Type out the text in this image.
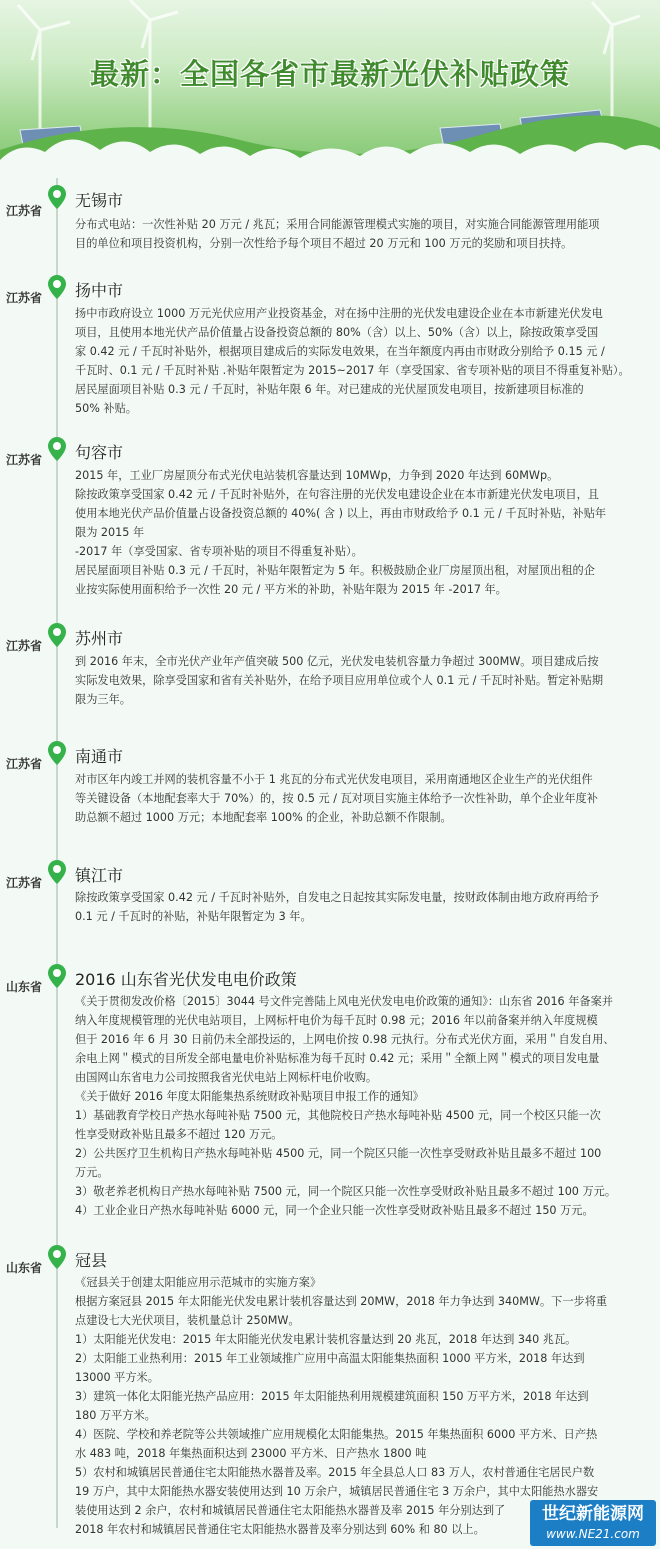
最新：全国各省市最新光伏补贴政策
江苏省
无锡市

分布式电站：一次性补贴 20 万元 / 兆瓦；采用合同能源管理模式实施的项目，对实施合同能源管理用能项

目的单位和项目投资机构，分别一次性给予每个项目不超过 20 万元和 100 万元的奖励和项目扶持。

江苏省 扬中市

扬中市政府设立 1000 万元光伏应用产业投资基金，对在扬中注册的光伏发电建设企业在本市新建光伏发电

项目，且使用本地光伏产品价值量占设备投资总额的 80%（含）以上、50%（含）以上，除按政策享受国

家 0.42 元 / 千瓦时补贴外，根据项目建成后的实际发电效果，在当年额度内再由市财政分别给予 0.15 元 /

千瓦时、0.1 元 / 千瓦时补贴 .补贴年限暂定为 2015~2017 年（享受国家、省专项补贴的项目不得重复补贴）。

居民屋面项目补贴 0.3 元 / 千瓦时，补贴年限 6 年。对已建成的光伏屋顶发电项目，按新建项目标准的

50% 补贴。

江苏省 句容市

2015 年，工业厂房屋顶分布式光伏电站装机容量达到 10MWp，力争到 2020 年达到 60MWp。

除按政策享受国家 0.42 元 / 千瓦时补贴外，在句容注册的光伏发电建设企业在本市新建光伏发电项目，且

使用本地光伏产品价值量占设备投资总额的 40%( 含 ) 以上，再由市财政给予 0.1 元 / 千瓦时补贴，补贴年

限为 2015 年

-2017 年（享受国家、省专项补贴的项目不得重复补贴）。

居民屋面项目补贴 0.3 元 / 千瓦时，补贴年限暂定为 5 年。积极鼓励企业厂房屋顶出租，对屋顶出租的企

业按实际使用面积给予一次性 20 元 / 平方米的补助，补贴年限为 2015 年 -2017 年。

江苏省 苏州市

到 2016 年末，全市光伏产业年产值突破 500 亿元，光伏发电装机容量力争超过 300MW。项目建成后按

实际发电效果，除享受国家和省有关补贴外，在给予项目应用单位或个人 0.1 元 / 千瓦时补贴。暂定补贴期

限为三年。

江苏省 南通市

对市区年内竣工并网的装机容量不小于 1 兆瓦的分布式光伏发电项目，采用南通地区企业生产的光伏组件

等关键设备（本地配套率大于 70%）的，按 0.5 元 / 瓦对项目实施主体给予一次性补助，单个企业年度补

助总额不超过 1000 万元；本地配套率 100% 的企业，补助总额不作限制。

江苏省 镇江市

除按政策享受国家 0.42 元 / 千瓦时补贴外，自发电之日起按其实际发电量，按财政体制由地方政府再给予

0.1 元 / 千瓦时的补贴，补贴年限暂定为 3 年。

山东省 2016 山东省光伏发电电价政策

《关于贯彻发改价格〔2015〕3044 号文件完善陆上风电光伏发电电价政策的通知》：山东省 2016 年备案并

纳入年度规模管理的光伏电站项目，上网标杆电价为每千瓦时 0.98 元；2016 年以前备案并纳入年度规模

但于 2016 年 6 月 30 日前仍未全部投运的，上网电价按 0.98 元执行。分布式光伏方面，采用＂自发自用、

余电上网＂模式的目所发全部电量电价补贴标准为每千瓦时 0.42 元；采用＂全额上网＂模式的项目发电量

由国网山东省电力公司按照我省光伏电站上网标杆电价收购。

《关于做好 2016 年度太阳能集热系统财政补贴项目申报工作的通知》

1）基础教育学校日产热水每吨补贴 7500 元，其他院校日产热水每吨补贴 4500 元，同一个校区只能一次

性享受财政补贴且最多不超过 120 万元。

2）公共医疗卫生机构日产热水每吨补贴 4500 元，同一个院区只能一次性享受财政补贴且最多不超过 100

万元。

3）敬老养老机构日产热水每吨补贴 7500 元，同一个院区只能一次性享受财政补贴且最多不超过 100 万元。

4）工业企业日产热水每吨补贴 6000 元，同一个企业只能一次性享受财政补贴且最多不超过 150 万元。

山东省 冠县

《冠县关于创建太阳能应用示范城市的实施方案》

根据方案冠县 2015 年太阳能光伏发电累计装机容量达到 20MW，2018 年力争达到 340MW。下一步将重

点建设七大光伏项目，装机量总计 250MW。

1）太阳能光伏发电：2015 年太阳能光伏发电累计装机容量达到 20 兆瓦，2018 年达到 340 兆瓦。

2）太阳能工业热利用：2015 年工业领域推广应用中高温太阳能集热面积 1000 平方米，2018 年达到

13000 平方米。

3）建筑一体化太阳能光热产品应用：2015 年太阳能热利用规模建筑面积 150 万平方米，2018 年达到

180 万平方米。

4）医院、学校和养老院等公共领域推广应用规模化太阳能集热。2015 年集热面积 6000 平方米、日产热

水 483 吨，2018 年集热面积达到 23000 平方米、日产热水 1800 吨

5）农村和城镇居民普通住宅太阳能热水器普及率。2015 年全县总人口 83 万人，农村普通住宅居民户数

19 万户，其中太阳能热水器安装使用达到 10 万余户，城镇居民普通住宅 3 万余户，其中太阳能热水器安

装使用达到 2 余户，农村和城镇居民普通住宅太阳能热水器普及率 2015 年分别达到了

2018 年农村和城镇居民普通住宅太阳能热水器普及率分别达到 60% 和 80 以上。

世纪新能源网
www.NE21.com
